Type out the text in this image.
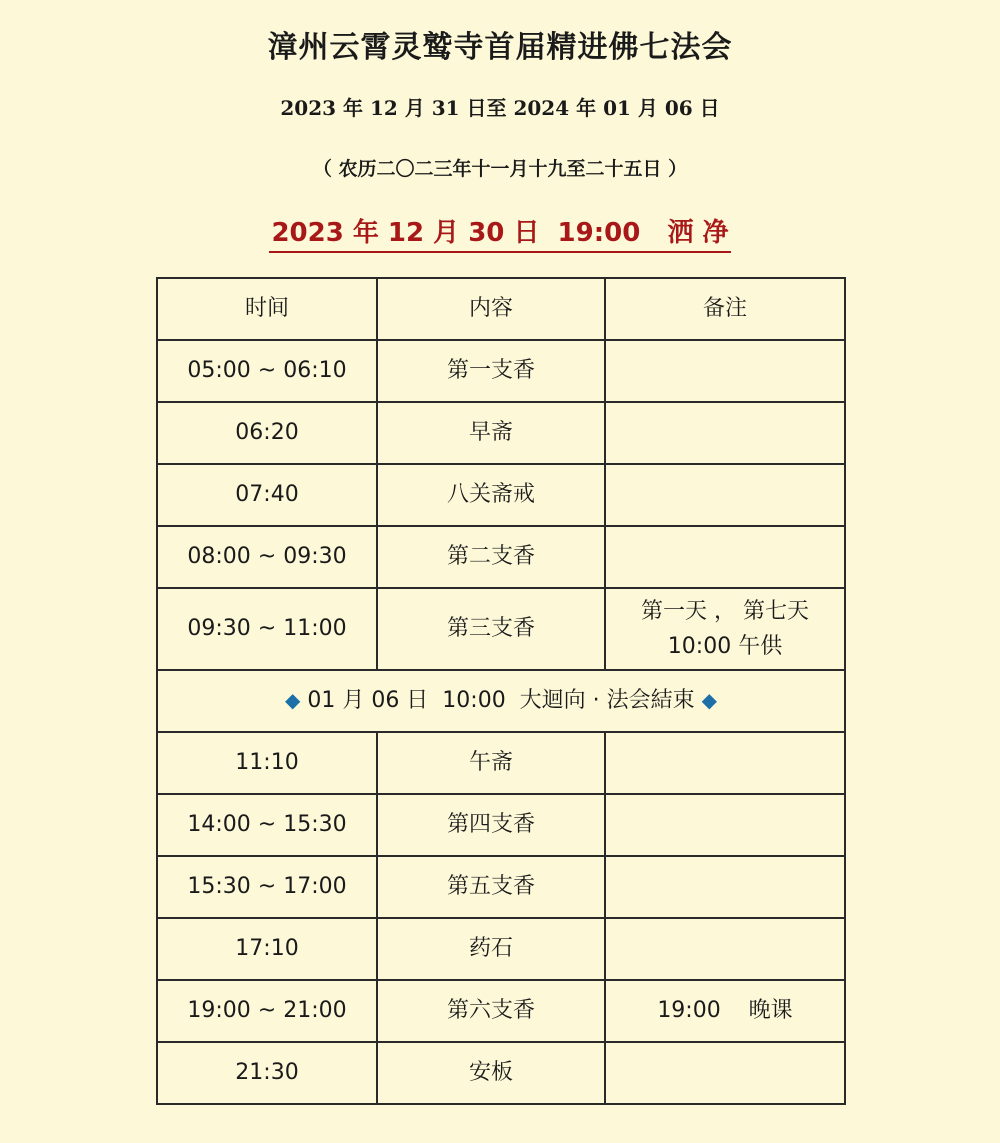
漳州云霄灵鹫寺首届精进佛七法会
2023 年 12 月 31 日至 2024 年 01 月 06 日
（ 农历二〇二三年十一月十九至二十五日 ）
2023 年 12 月 30 日  19:00   洒 净
时间	内容	备注
05:00 ~ 06:10	第一支香	
06:20	早斋	
07:40	八关斋戒	
08:00 ~ 09:30	第二支香	
09:30 ~ 11:00	第三支香	第一天 ， 第七天
10:00 午供

◆ 01 月 06 日  10:00  大迴向 · 法会結束 ◆		
11:10	午斋	
14:00 ~ 15:30	第四支香	
15:30 ~ 17:00	第五支香	
17:10	药石	
19:00 ~ 21:00	第六支香	19:00    晚课
21:30	安板	
